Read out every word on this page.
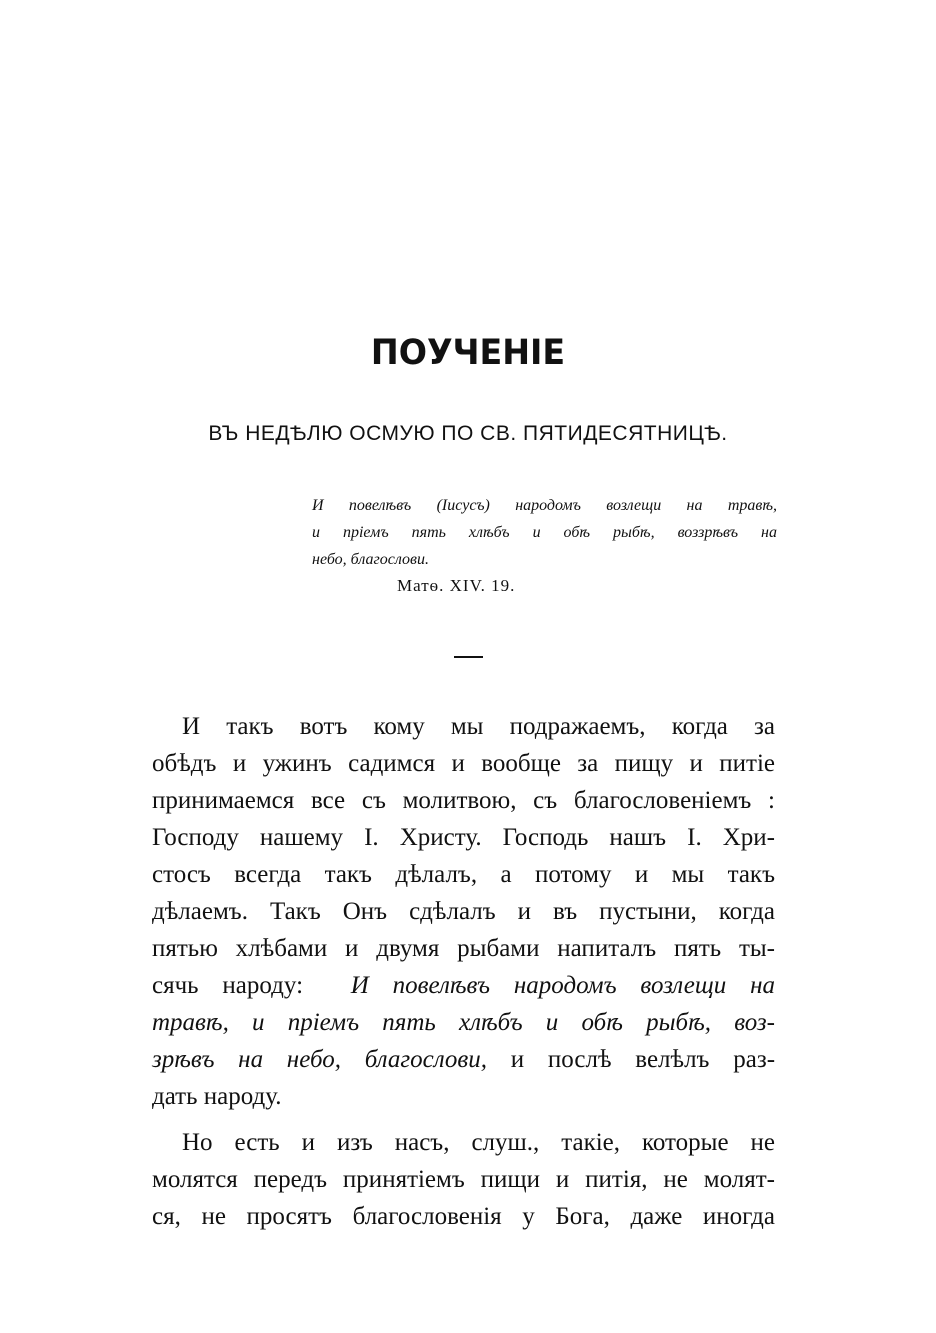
ПОУЧЕНІЕ
ВЪ НЕДѢЛЮ ОСМУЮ ПО СВ. ПЯТИДЕСЯТНИЦѢ.
И повелѣвъ (Іисусъ) народомъ возлещи на травѣ,
и пріемъ пять хлѣбъ и обѣ рыбѣ, воззрѣвъ на
небо, благослови.
Матѳ. XIV. 19.
И такъ вотъ кому мы подражаемъ, когда за
обѣдъ и ужинъ садимся и вообще за пищу и питіе
принимаемся все съ молитвою, съ благословеніемъ :
Господу нашему І. Христу. Господь нашъ І. Хри-
стосъ всегда такъ дѣлалъ, а потому и мы такъ
дѣлаемъ. Такъ Онъ сдѣлалъ и въ пустыни, когда
пятью хлѣбами и двумя рыбами напиталъ пять ты-
сячь народу: И повелѣвъ народомъ возлещи на
травѣ, и пріемъ пять хлѣбъ и обѣ рыбѣ, воз-
зрѣвъ на небо, благослови, и послѣ велѣлъ раз-
дать народу.
Но есть и изъ насъ, слуш., такіе, которые не
молятся передъ принятіемъ пищи и питія, не молят-
ся, не просятъ благословенія у Бога, даже иногда
